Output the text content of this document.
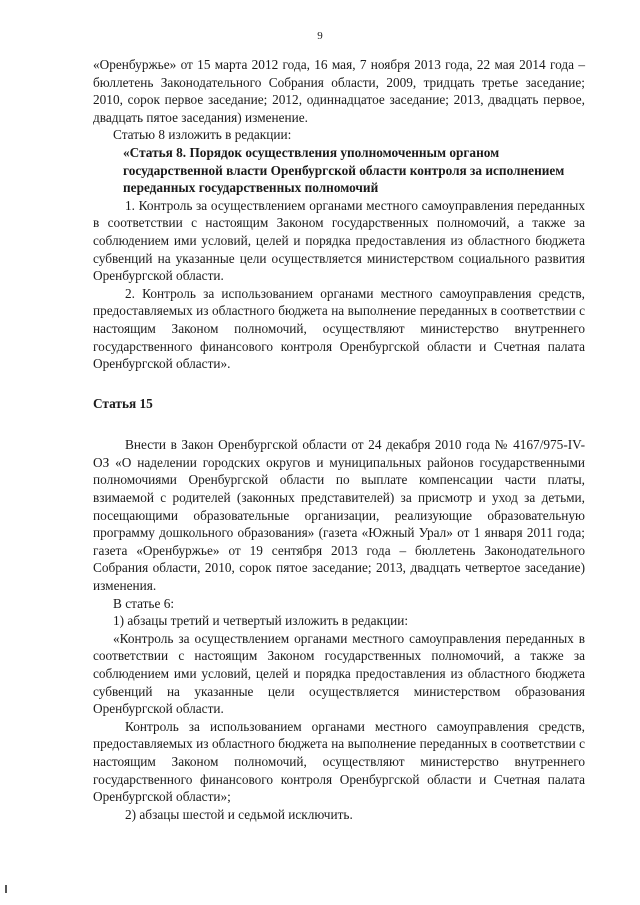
9

«Оренбуржье» от 15 марта 2012 года, 16 мая, 7 ноября 2013 года, 22 мая 2014 года – бюллетень Законодательного Собрания области, 2009, тридцать третье заседание; 2010, сорок первое заседание; 2012, одиннадцатое заседание; 2013, двадцать первое, двадцать пятое заседания) изменение.

Статью 8 изложить в редакции:

«Статья 8. Порядок осуществления уполномоченным органом государственной власти Оренбургской области контроля за исполнением переданных государственных полномочий

1. Контроль за осуществлением органами местного самоуправления переданных в соответствии с настоящим Законом государственных полномочий, а также за соблюдением ими условий, целей и порядка предоставления из областного бюджета субвенций на указанные цели осуществляется министерством социального развития Оренбургской области.

2. Контроль за использованием органами местного самоуправления средств, предоставляемых из областного бюджета на выполнение переданных в соответствии с настоящим Законом полномочий, осуществляют министерство внутреннего государственного финансового контроля Оренбургской области и Счетная палата Оренбургской области».

Статья 15

Внести в Закон Оренбургской области от 24 декабря 2010 года № 4167/975-IV-ОЗ «О наделении городских округов и муниципальных районов государственными полномочиями Оренбургской области по выплате компенсации части платы, взимаемой с родителей (законных представителей) за присмотр и уход за детьми, посещающими образовательные организации, реализующие образовательную программу дошкольного образования» (газета «Южный Урал» от 1 января 2011 года; газета «Оренбуржье» от 19 сентября 2013 года – бюллетень Законодательного Собрания области, 2010, сорок пятое заседание; 2013, двадцать четвертое заседание) изменения.

В статье 6:

1) абзацы третий и четвертый изложить в редакции:

«Контроль за осуществлением органами местного самоуправления переданных в соответствии с настоящим Законом государственных полномочий, а также за соблюдением ими условий, целей и порядка предоставления из областного бюджета субвенций на указанные цели осуществляется министерством образования Оренбургской области.

Контроль за использованием органами местного самоуправления средств, предоставляемых из областного бюджета на выполнение переданных в соответствии с настоящим Законом полномочий, осуществляют министерство внутреннего государственного финансового контроля Оренбургской области и Счетная палата Оренбургской области»;

2) абзацы шестой и седьмой исключить.
